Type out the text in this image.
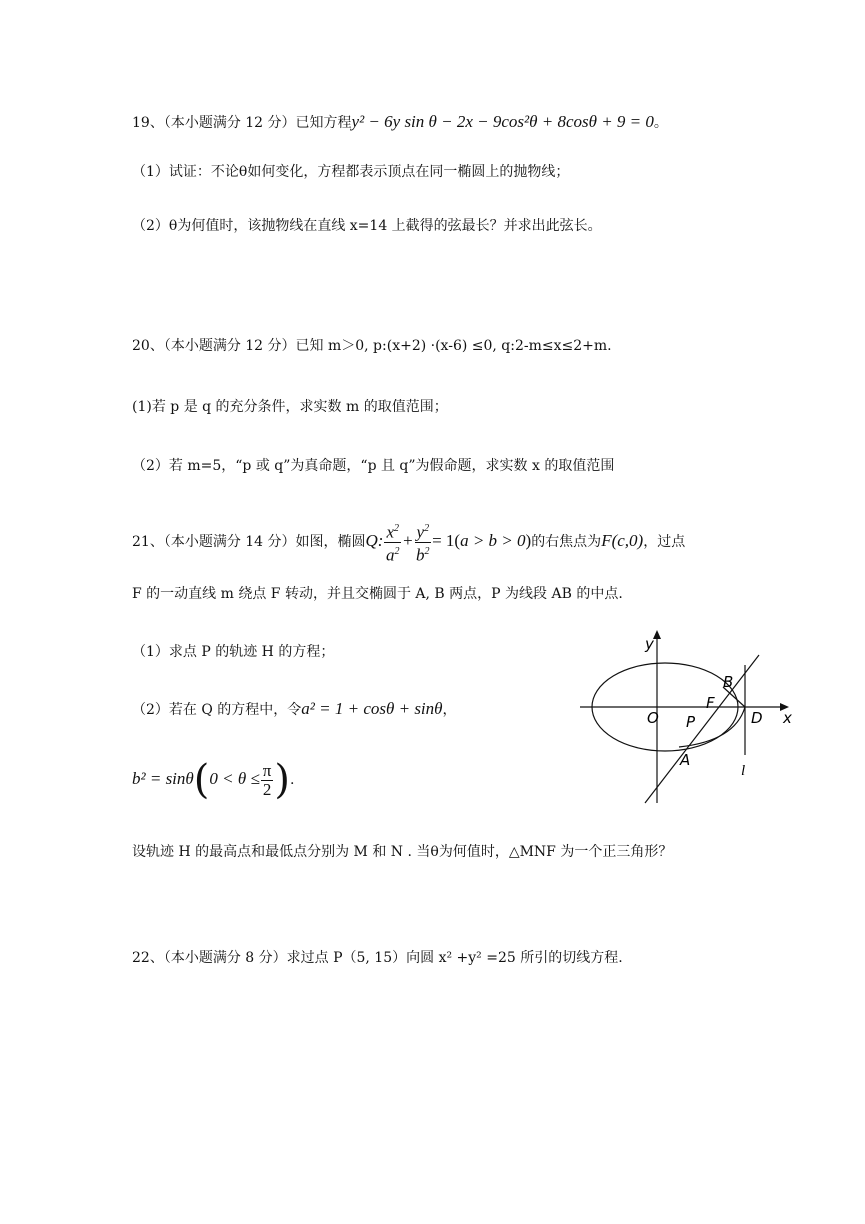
19、（本小题满分 12 分）已知方程y² − 6y sin θ − 2x − 9cos²θ + 8cosθ + 9 = 0。
（1）试证：不论θ如何变化，方程都表示顶点在同一椭圆上的抛物线；
（2）θ为何值时，该抛物线在直线 x=14 上截得的弦最长？并求出此弦长。
20、（本小题满分 12 分）已知 m＞0, p:(x+2) ·(x-6) ≤0, q:2-m≤x≤2+m.
(1)若 p 是 q 的充分条件，求实数 m 的取值范围；
（2）若 m=5，“p 或 q”为真命题，“p 且 q”为假命题，求实数 x 的取值范围
21、（本小题满分 14 分）如图，椭圆Q: $\frac{x^2}{a^2} + \frac{y^2}{b^2} = 1(a > b > 0)$的右焦点为F(c,0)，过点
F 的一动直线 m 绕点 F 转动，并且交椭圆于 A, B 两点，P 为线段 AB 的中点.
（1）求点 P 的轨迹 H 的方程；
（2）若在 Q 的方程中，令a² = 1 + cosθ + sinθ，
$b^2 = \sin\theta(0 < \theta \le \frac{\pi}{2}$ ).
设轨迹 H 的最高点和最低点分别为 M 和 N . 当θ为何值时，△MNF 为一个正三角形？
y
x
O
B
F
P
A
D
l
22、（本小题满分 8 分）求过点 P（5, 15）向圆 x² +y² =25 所引的切线方程.
